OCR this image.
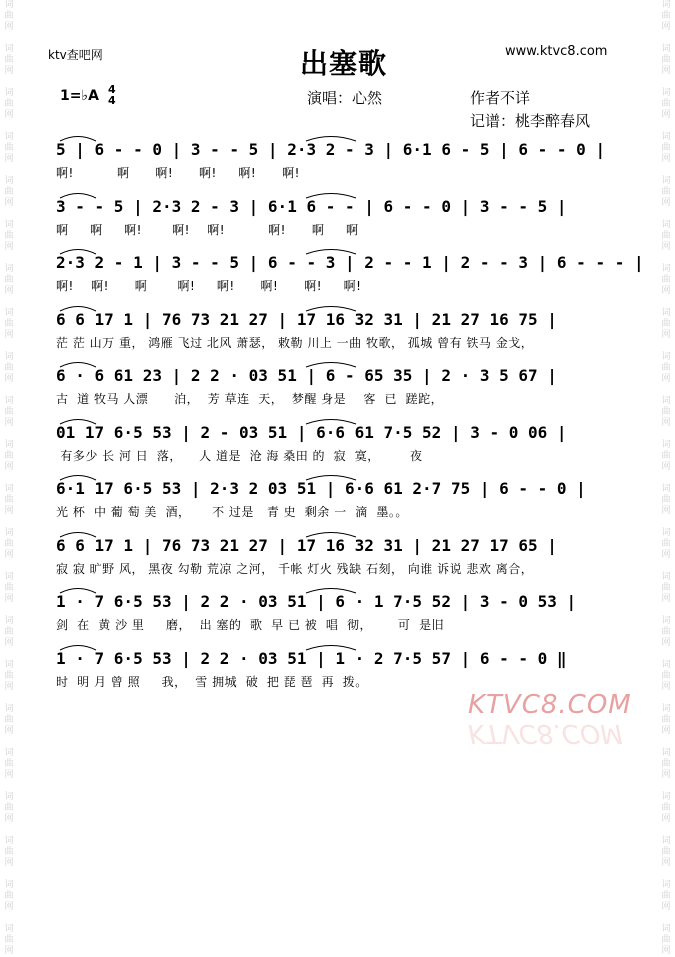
词
曲
网
词
曲
网
词
曲
网
词
曲
网
词
曲
网
词
曲
网
词
曲
网
词
曲
网
词
曲
网
词
曲
网
词
曲
网
词
曲
网
词
曲
网
词
曲
网
词
曲
网
词
曲
网
词
曲
网
词
曲
网
词
曲
网
词
曲
网
词
曲
网
词
曲
网
词
曲
网
词
曲
网
词
曲
网
词
曲
网
词
曲
网
词
曲
网
词
曲
网
词
曲
网
词
曲
网
词
曲
网
词
曲
网
词
曲
网
词
曲
网
词
曲
网
词
曲
网
词
曲
网
词
曲
网
词
曲
网
词
曲
网
词
曲
网
词
曲
网
词
曲
网
ktv查吧网	出塞歌	www.ktvc8.com
1=♭A 4
4	演唱：心然	作者不详
记谱：桃李醉春风
5 | 6 - - 0 | 3 - - 5 | 2·3 2 - 3 | 6·1 6 - 5 | 6 - - 0 |
啊!          啊      啊!      啊!     啊!      啊!
3 - - 5 | 2·3 2 - 3 | 6·1 6 - - | 6 - - 0 | 3 - - 5 |
啊     啊     啊!       啊!    啊!          啊!      啊     啊
2·3 2 - 1 | 3 - - 5 | 6 - - 3 | 2 - - 1 | 2 - - 3 | 6 - - - |
啊!    啊!      啊       啊!     啊!      啊!      啊!     啊!
6 6 17 1 | 76 73 21 27 | 17 16 32 31 | 21 27 16 75 |
茫 茫 山万 重， 鸿雁 飞过 北风 萧瑟， 敕勒 川上 一曲 牧歌， 孤城 曾有 铁马 金戈，
6 · 6 61 23 | 2 2 · 03 51 | 6 - 65 35 | 2 · 3 5 67 |
古  道 牧马 人漂      泊，  芳 草连  天，  梦醒 身是    客  已  蹉跎，
01 17 6·5 53 | 2 - 03 51 | 6·6 61 7·5 52 | 3 - 0 06 |
有多少 长 河 日  落，    人 道是  沧 海 桑田 的  寂  寞，       夜
6·1 17 6·5 53 | 2·3 2 03 51 | 6·6 61 2·7 75 | 6 - - 0 |
光 杯  中 葡 萄 美  酒，     不 过是   青 史  剩余 一  滴  墨。。
6 6 17 1 | 76 73 21 27 | 17 16 32 31 | 21 27 17 65 |
寂 寂 旷野 风， 黑夜 勾勒 荒凉 之河， 千帐 灯火 残缺 石刻， 向谁 诉说 悲欢 离合，
1 · 7 6·5 53 | 2 2 · 03 51 | 6 · 1 7·5 52 | 3 - 0 53 |
剑  在  黄 沙 里     磨，  出 塞的  歌  早 已 被  唱  彻，      可  是旧
1 · 7 6·5 53 | 2 2 · 03 51 | 1 · 2 7·5 57 | 6 - - 0 ‖
时  明 月 曾 照     我，  雪 拥城  破  把 琵 琶  再  拨。
KTVC8.COM
KTVC8.COM
